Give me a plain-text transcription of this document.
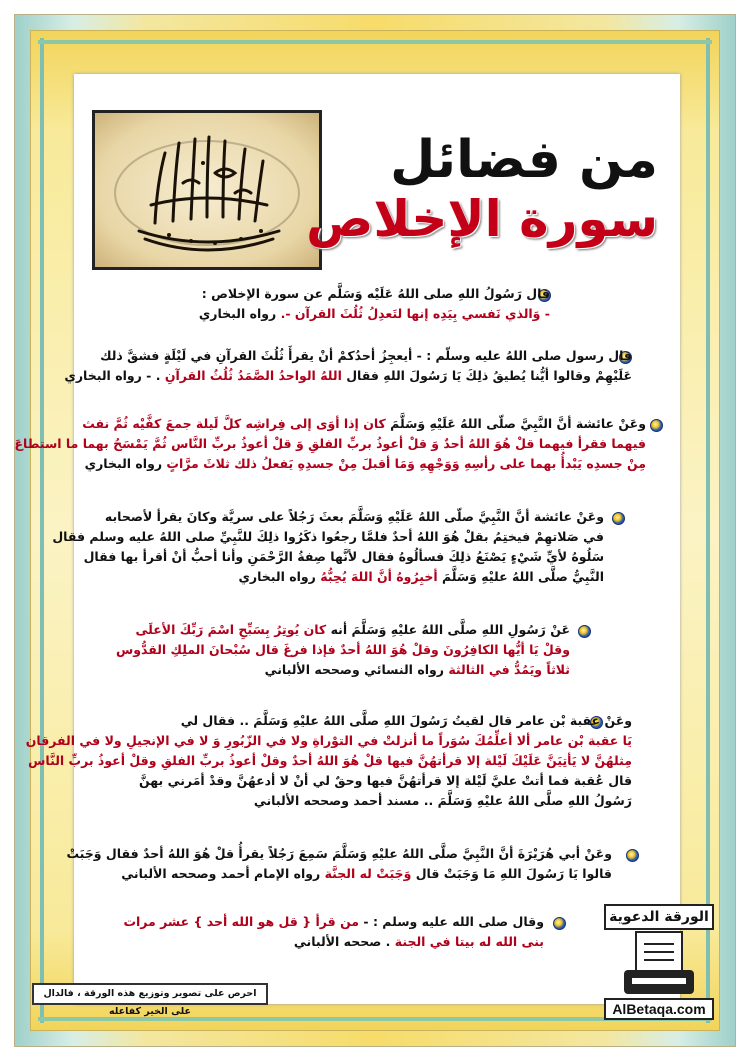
من فضائل
سورة الإخلاص
قال رَسُولُ اللهِ صلى اللهُ عَلَيْه وَسَلَّم عن سورة الإخلاص :
- وَالذي نَفسي بِيَدِه إنها لتَعدِلُ ثُلُثَ القرآن -. رواه البخاري
قال رسول صلى اللهُ عليه وسلّم : - أيعجِزُ أحدُكمْ أنْ يقرأَ ثُلُثَ القرآنِ في لَيْلَةٍ فشقَّ ذلك
عَلَيْهِمْ وقالوا أيُّنا يُطيقُ ذلِكَ يَا رَسُولَ اللهِ فقال اللهُ الواحدُ الصَّمَدُ ثُلُثُ القرآنِ . - رواه البخاري
وعَنْ عائشة أنَّ النَّبِيَّ صلّى اللهُ عَلَيْهِ وَسَلَّمَ كان إذا أوَى إلى فِراشِه كلَّ لَيلة جمعَ كفَّيْه ثُمَّ نفث
فيهما فقرأ فيهما قلْ هُوَ اللهُ أحدٌ وَ قلْ أعوذُ بربِّ الفلقِ وَ قلْ أعوذُ بربِّ النَّاس ثُمَّ يَمْسَحُ بهما ما استطاعَ
مِنْ جسدِه يَبْدأُ بهما على رأسِهِ وَوَجْهِهِ وَمَا أقبلَ مِنْ جسدِهِ يَفعلُ ذلك ثلاثَ مرَّاتٍ رواه البخاري
وعَنْ عائشة أنَّ النَّبِيَّ صلّى اللهُ عَلَيْهِ وَسَلَّمَ بعثَ رَجُلاً على سريَّة وكانَ يقرأ لأصحابه
في صَلاتهِمْ فيختِمُ بقلْ هُوَ اللهُ أحدٌ فلمَّا رجعُوا ذكَرُوا ذلِكَ للنَّبِيِّ صلى اللهُ عليه وسلم فقال
سَلُوهُ لأيِّ شَيْءٍ يَصْنَعُ ذلِكَ فسألُوهُ فقال لأنَّها صِفةُ الرَّحْمَنِ وأنا أحبُّ أنْ أقرأ بها فقال
النَّبِيُّ صلَّى اللهُ عليْهِ وَسَلَّمَ أخبِرُوهُ أنَّ اللهَ يُحِبُّهُ رواه البخاري
عَنْ رَسُولِ اللهِ صلَّى اللهُ عليْهِ وَسَلَّمَ أنه كان يُوتِرُ بِسَبِّحِ اسْمَ رَبِّكَ الأعلَى
وقلْ يَا أيُّها الكافِرُونَ وقلْ هُوَ اللهُ أحدٌ فإذا فرغَ قال سُبْحانَ الملِكِ القدُّوس
ثلاثاً ويَمُدُّ في الثالثة رواه النسائي وصححه الألباني
وعَنْ عقبة بْن عامر قال لقيتُ رَسُولَ اللهِ صلَّى اللهُ عليْهِ وَسَلَّمَ .. فقال لي
يَا عقبة بْن عامر ألا أعلِّمُكَ سُوَراً ما أنزلتْ في التوْراةِ ولا في الزّبُورِ وَ لا في الإنجيلِ ولا في الفرقان
مِثلهُنَّ لا يَأتِيَنَّ عَلَيْكَ لَيْلة إلا قرأتهُنَّ فيها قلْ هُوَ اللهُ أحدٌ وقلْ أعوذُ بربِّ الفلقِ وقلْ أعوذُ بربِّ النَّاس
قال عُقبة فما أتتْ عليَّ لَيْلة إلا قرأتهُنَّ فيها وحقٌ لي أنْ لا أدعهُنَّ وقدْ أمَرني بهنَّ
رَسُولُ اللهِ صلَّى اللهُ عليْهِ وَسَلَّمَ .. مسند أحمد وصححه الألباني
وعَنْ أبي هُرَيْرَةَ أنَّ النَّبِيَّ صلَّى اللهُ عليْهِ وَسَلَّمَ سَمِعَ رَجُلاً يقرأُ قلْ هُوَ اللهُ أحدٌ فقال وَجَبَتْ
قالوا يَا رَسُولَ اللهِ مَا وَجَبَتْ قال وَجَبَتْ له الجنَّة رواه الإمام أحمد وصححه الألباني
وقال صلى الله عليه وسلم : - من قرأ { قل هو الله أحد } عشر مرات
بنى الله له بيتا في الجنة . صححه الألباني
احرص على تصوير وتوزيع هذه الورقة ، فالدال على الخير كفاعله
الورقة الدعوية
AlBetaqa.com
